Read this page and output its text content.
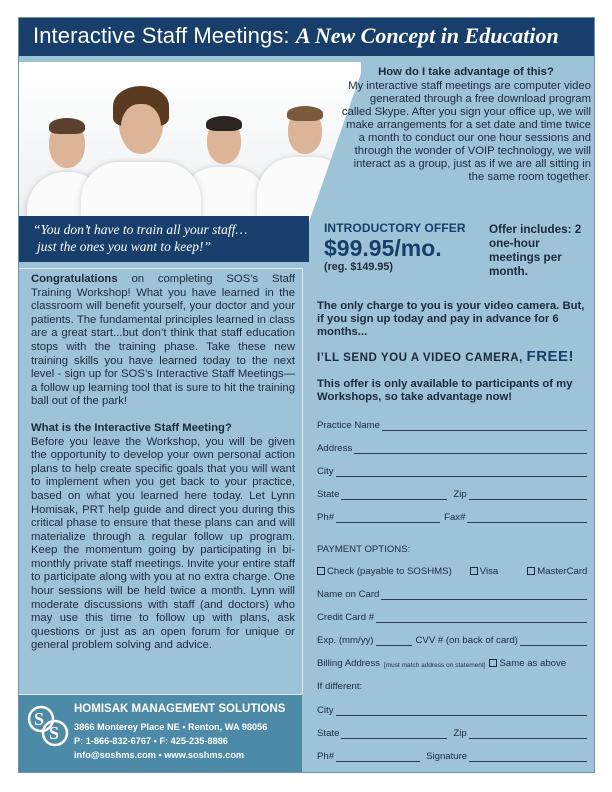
Interactive Staff Meetings: A New Concept in Education
“You don’t have to train all your staff…
just the ones you want to keep!”

Congratulations on completing SOS’s Staff Training Workshop! What you have learned in the classroom will benefit yourself, your doctor and your patients. The fundamental principles learned in class are a great start...but don’t think that staff education stops with the training phase. Take these new training skills you have learned today to the next level - sign up for SOS’s Interactive Staff Meetings—a follow up learning tool that is sure to hit the training ball out of the park!

What is the Interactive Staff Meeting?
Before you leave the Workshop, you will be given the opportunity to develop your own personal action plans to help create specific goals that you will want to implement when you get back to your practice, based on what you learned here today. Let Lynn Homisak, PRT help guide and direct you during this critical phase to ensure that these plans can and will materialize through a regular follow up program. Keep the momentum going by participating in bi-monthly private staff meetings. Invite your entire staff to participate along with you at no extra charge. One hour sessions will be held twice a month. Lynn will moderate discussions with staff (and doctors) who may use this time to follow up with plans, ask questions or just as an open forum for unique or general problem solving and advice.
S
S
HOMISAK MANAGEMENT SOLUTIONS
3866 Monterey Place NE • Renton, WA 98056
P: 1-866-832-6767 • F: 425-235-8886
info@soshms.com • www.soshms.com
How do I take advantage of this?
My interactive staff meetings are computer video generated through a free download program called Skype. After you sign your office up, we will make arrangements for a set date and time twice a month to conduct our one hour sessions and through the wonder of VOIP technology, we will interact as a group, just as if we are all sitting in the same room together.
INTRODUCTORY OFFER
$99.95/mo.
(reg. $149.95)
Offer includes: 2 one-hour meetings per month.
The only charge to you is your video camera. But, if you sign up today and pay in advance for 6 months...
I’LL SEND YOU A VIDEO CAMERA, FREE!
This offer is only available to participants of my Workshops, so take advantage now!
Practice Name
Address
City
State	Zip
Ph#	Fax#
PAYMENT OPTIONS:
Check (payable to SOSHMS)	Visa	MasterCard
Name on Card
Credit Card #
Exp. (mm/yy)	CVV # (on back of card)
Billing Address [must match address on statement]	Same as above
If different:
City
State	Zip
Ph#	Signature
